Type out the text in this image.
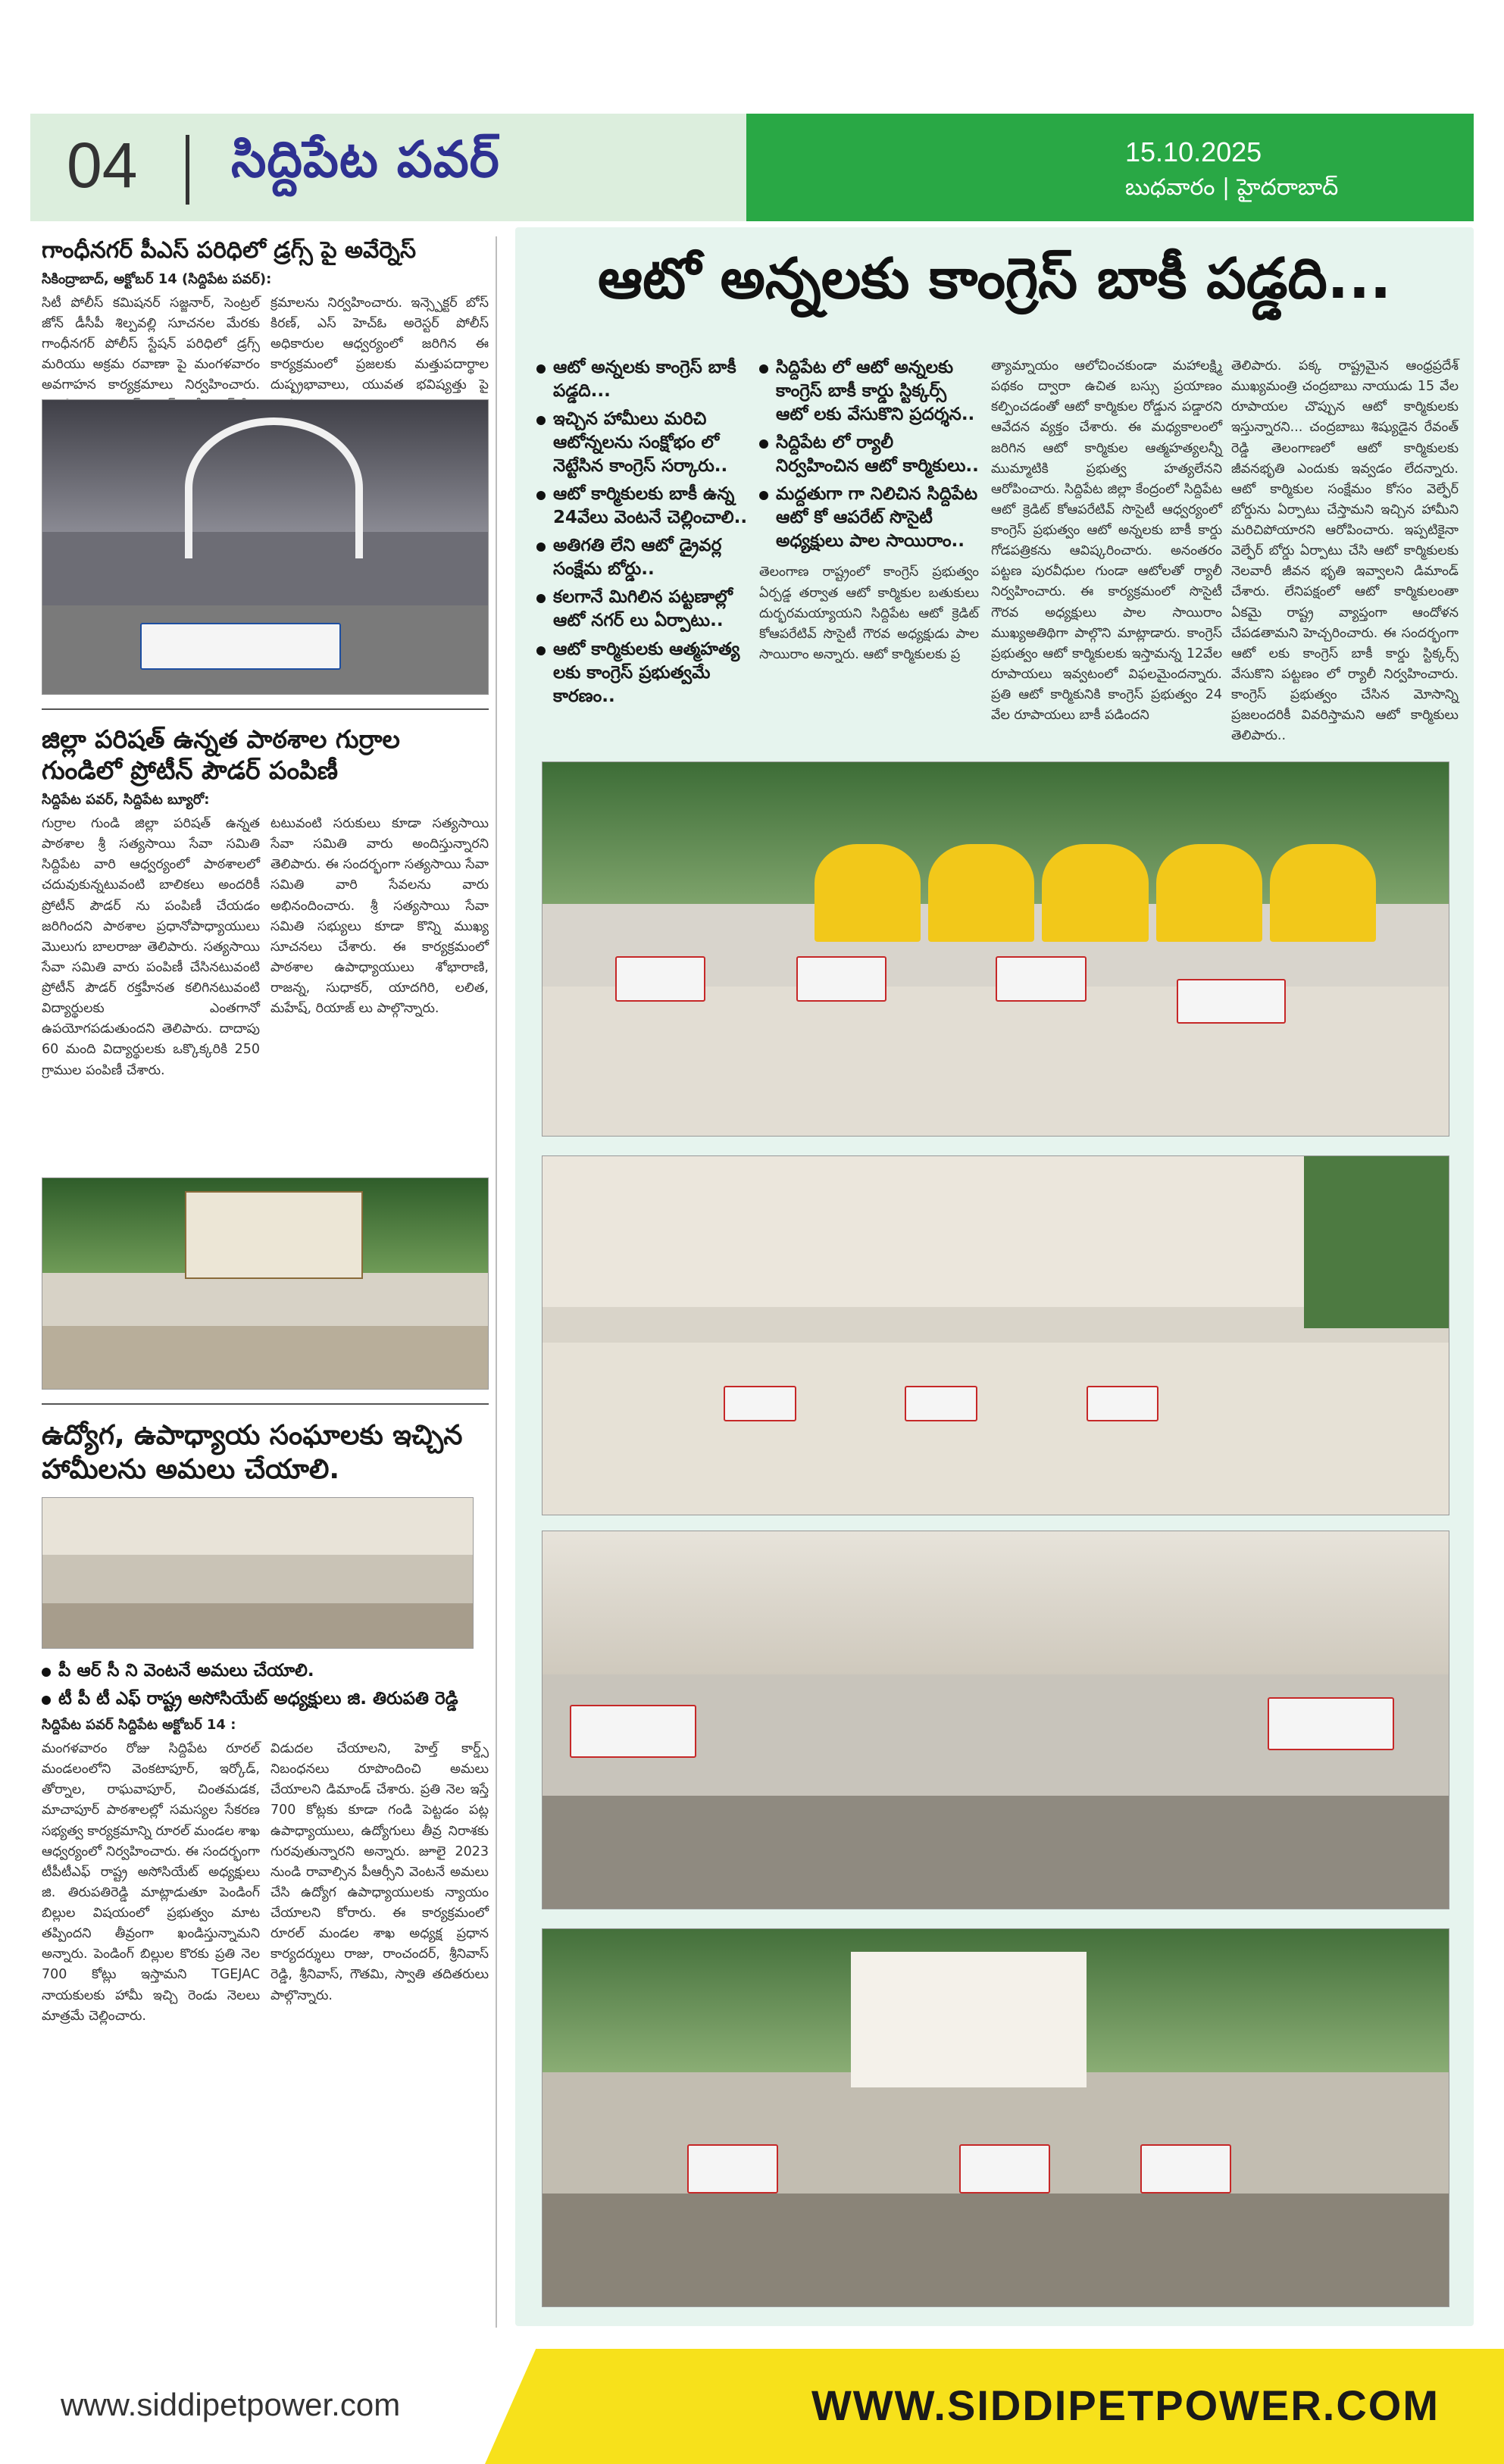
04 సిద్దిపేట పవర్	15.10.2025
బుధవారం | హైదరాబాద్
గాంధీనగర్ పీఎస్ పరిధిలో డ్రగ్స్ పై అవేర్నెస్
సికింద్రాబాద్, అక్టోబర్ 14 (సిద్దిపేట పవర్):
సిటీ పోలీస్ కమిషనర్ సజ్జనార్, సెంట్రల్ జోన్ డీసీపీ శిల్పవల్లి సూచనల మేరకు గాంధీనగర్ పోలీస్ స్టేషన్ పరిధిలో డ్రగ్స్ మరియు అక్రమ రవాణా పై మంగళవారం అవగాహన కార్యక్రమాలు నిర్వహించారు.
క్రమాలను నిర్వహించారు. ఇన్స్పెక్టర్ బోస్ కిరణ్, ఎస్ హెచ్ఓ అరెస్టర్ పోలీస్ అధికారుల ఆధ్వర్యంలో జరిగిన ఈ కార్యక్రమంలో ప్రజలకు మత్తుపదార్థాల దుష్ప్రభావాలు, యువత భవిష్యత్తు పై
జిల్లా పరిషత్ ఉన్నత పాఠశాల గుర్రాల గుండిలో ప్రోటీన్ పౌడర్ పంపిణీ
సిద్దిపేట పవర్, సిద్దిపేట బ్యూరో:
గుర్రాల గుండి జిల్లా పరిషత్ ఉన్నత పాఠశాల శ్రీ సత్యసాయి సేవా సమితి సిద్దిపేట వారి ఆధ్వర్యంలో పాఠశాలలో చదువుకున్నటువంటి బాలికలు అందరికీ ప్రోటీన్ పౌడర్ ను పంపిణీ చేయడం జరిగిందని పాఠశాల ప్రధానోపాధ్యాయులు మొలుగు బాలరాజు తెలిపారు. సత్యసాయి సేవా సమితి వారు పంపిణీ చేసినటువంటి ప్రోటీన్ పౌడర్ రక్తహీనత కలిగినటువంటి విద్యార్థులకు ఎంతగానో ఉపయోగపడుతుందని తెలిపారు. దాదాపు 60 మంది విద్యార్థులకు ఒక్కొక్కరికి 250 గ్రాముల పంపిణీ చేశారు.
టటువంటి సరుకులు కూడా సత్యసాయి సేవా సమితి వారు అందిస్తున్నారని తెలిపారు. ఈ సందర్భంగా సత్యసాయి సేవా సమితి వారి సేవలను వారు అభినందించారు. శ్రీ సత్యసాయి సేవా సమితి సభ్యులు కూడా కొన్ని ముఖ్య సూచనలు చేశారు. ఈ కార్యక్రమంలో పాఠశాల ఉపాధ్యాయులు శోభారాణి, రాజన్న, సుధాకర్, యాదగిరి, లలిత, మహేష్, రియాజ్ లు పాల్గొన్నారు.
ఉద్యోగ, ఉపాధ్యాయ సంఘాలకు ఇచ్చిన హామీలను అమలు చేయాలి.
పీ ఆర్ సీ ని వెంటనే అమలు చేయాలి.
టీ పీ టీ ఎఫ్ రాష్ట్ర అసోసియేట్ అధ్యక్షులు జి. తిరుపతి రెడ్డి
సిద్దిపేట పవర్ సిద్దిపేట అక్టోబర్ 14 :
మంగళవారం రోజు సిద్దిపేట రూరల్ మండలంలోని వెంకటాపూర్, ఇర్కోడ్, తోర్నాల, రాఘవాపూర్, చింతమడక, మాచాపూర్ పాఠశాలల్లో సమస్యల సేకరణ సభ్యత్వ కార్యక్రమాన్ని రూరల్ మండల శాఖ ఆధ్వర్యంలో నిర్వహించారు. ఈ సందర్భంగా టీపీటీఎఫ్ రాష్ట్ర అసోసియేట్ అధ్యక్షులు జి. తిరుపతిరెడ్డి మాట్లాడుతూ పెండింగ్ బిల్లుల విషయంలో ప్రభుత్వం మాట తప్పిందని తీవ్రంగా ఖండిస్తున్నామని అన్నారు. పెండింగ్ బిల్లుల కొరకు ప్రతి నెల 700 కోట్లు ఇస్తామని TGEJAC నాయకులకు హామీ ఇచ్చి రెండు నెలలు మాత్రమే చెల్లించారు.
విడుదల చేయాలని, హెల్త్ కార్డ్స్ నిబంధనలు రూపొందించి అమలు చేయాలని డిమాండ్ చేశారు. ప్రతి నెల ఇస్తే 700 కోట్లకు కూడా గండి పెట్టడం పట్ల ఉపాధ్యాయులు, ఉద్యోగులు తీవ్ర నిరాశకు గురవుతున్నారని అన్నారు. జూలై 2023 నుండి రావాల్సిన పీఆర్సీని వెంటనే అమలు చేసి ఉద్యోగ ఉపాధ్యాయులకు న్యాయం చేయాలని కోరారు. ఈ కార్యక్రమంలో రూరల్ మండల శాఖ అధ్యక్ష ప్రధాన కార్యదర్శులు రాజు, రాంచందర్, శ్రీనివాస్ రెడ్డి, శ్రీనివాస్, గౌతమి, స్వాతి తదితరులు పాల్గొన్నారు.
ఆటో అన్నలకు కాంగ్రెస్ బాకీ పడ్డది...
ఆటో అన్నలకు కాంగ్రెస్ బాకీ పడ్డది...
ఇచ్చిన హామీలు మరిచి ఆటోన్నలను సంక్షోభం లో నెట్టేసిన కాంగ్రెస్ సర్కారు..
ఆటో కార్మికులకు బాకీ ఉన్న 24వేలు వెంటనే చెల్లించాలి..
అతిగతి లేని ఆటో డ్రైవర్ల సంక్షేమ బోర్డు..
కలగానే మిగిలిన పట్టణాల్లో ఆటో నగర్ లు ఏర్పాటు..
ఆటో కార్మికులకు ఆత్మహత్య లకు కాంగ్రెస్ ప్రభుత్వమే కారణం..
సిద్దిపేట లో ఆటో అన్నలకు కాంగ్రెస్ బాకీ కార్డు స్టిక్కర్స్ ఆటో లకు వేసుకొని ప్రదర్శన..
సిద్దిపేట లో ర్యాలీ నిర్వహించిన ఆటో కార్మికులు..
మద్దతుగా గా నిలిచిన సిద్దిపేట ఆటో కో ఆపరేట్ సొసైటీ అధ్యక్షులు పాల సాయిరాం..
తెలంగాణ రాష్ట్రంలో కాంగ్రెస్ ప్రభుత్వం ఏర్పడ్డ తర్వాత ఆటో కార్మికుల బతుకులు దుర్భరమయ్యాయని సిద్దిపేట ఆటో క్రెడిట్ కోఆపరేటివ్ సొసైటీ గౌరవ అధ్యక్షుడు పాల సాయిరాం అన్నారు. ఆటో కార్మికులకు ప్ర
త్యామ్నాయం ఆలోచించకుండా మహాలక్ష్మి పథకం ద్వారా ఉచిత బస్సు ప్రయాణం కల్పించడంతో ఆటో కార్మికుల రోడ్డున పడ్డారని ఆవేదన వ్యక్తం చేశారు. ఈ మధ్యకాలంలో జరిగిన ఆటో కార్మికుల ఆత్మహత్యలన్నీ ముమ్మాటికి ప్రభుత్వ హత్యలేనని ఆరోపించారు. సిద్దిపేట జిల్లా కేంద్రంలో సిద్దిపేట ఆటో క్రెడిట్ కోఆపరేటివ్ సొసైటీ ఆధ్వర్యంలో కాంగ్రెస్ ప్రభుత్వం ఆటో అన్నలకు బాకీ కార్డు గోడపత్రికను ఆవిష్కరించారు. అనంతరం పట్టణ పురవీధుల గుండా ఆటోలతో ర్యాలీ నిర్వహించారు. ఈ కార్యక్రమంలో సొసైటీ గౌరవ అధ్యక్షులు పాల సాయిరాం ముఖ్యఅతిథిగా పాల్గొని మాట్లాడారు. కాంగ్రెస్ ప్రభుత్వం ఆటో కార్మికులకు ఇస్తామన్న 12వేల రూపాయలు ఇవ్వటంలో విఫలమైందన్నారు. ప్రతి ఆటో కార్మికునికి కాంగ్రెస్ ప్రభుత్వం 24 వేల రూపాయలు బాకీ పడిందని
తెలిపారు. పక్క రాష్ట్రమైన ఆంధ్రప్రదేశ్ ముఖ్యమంత్రి చంద్రబాబు నాయుడు 15 వేల రూపాయల చొప్పున ఆటో కార్మికులకు ఇస్తున్నారని... చంద్రబాబు శిష్యుడైన రేవంత్ రెడ్డి తెలంగాణలో ఆటో కార్మికులకు జీవనభృతి ఎందుకు ఇవ్వడం లేదన్నారు. ఆటో కార్మికుల సంక్షేమం కోసం వెల్ఫేర్ బోర్డును ఏర్పాటు చేస్తామని ఇచ్చిన హామీని మరిచిపోయారని ఆరోపించారు. ఇప్పటికైనా వెల్ఫేర్ బోర్డు ఏర్పాటు చేసి ఆటో కార్మికులకు నెలవారీ జీవన భృతి ఇవ్వాలని డిమాండ్ చేశారు. లేనిపక్షంలో ఆటో కార్మికులంతా ఏకమై రాష్ట్ర వ్యాప్తంగా ఆందోళన చేపడతామని హెచ్చరించారు. ఈ సందర్భంగా ఆటో లకు కాంగ్రెస్ బాకీ కార్డు స్టిక్కర్స్ వేసుకొని పట్టణం లో ర్యాలీ నిర్వహించారు. కాంగ్రెస్ ప్రభుత్వం చేసిన మోసాన్ని ప్రజలందరికీ వివరిస్తామని ఆటో కార్మికులు తెలిపారు..
www.siddipetpower.com	WWW.SIDDIPETPOWER.COM
